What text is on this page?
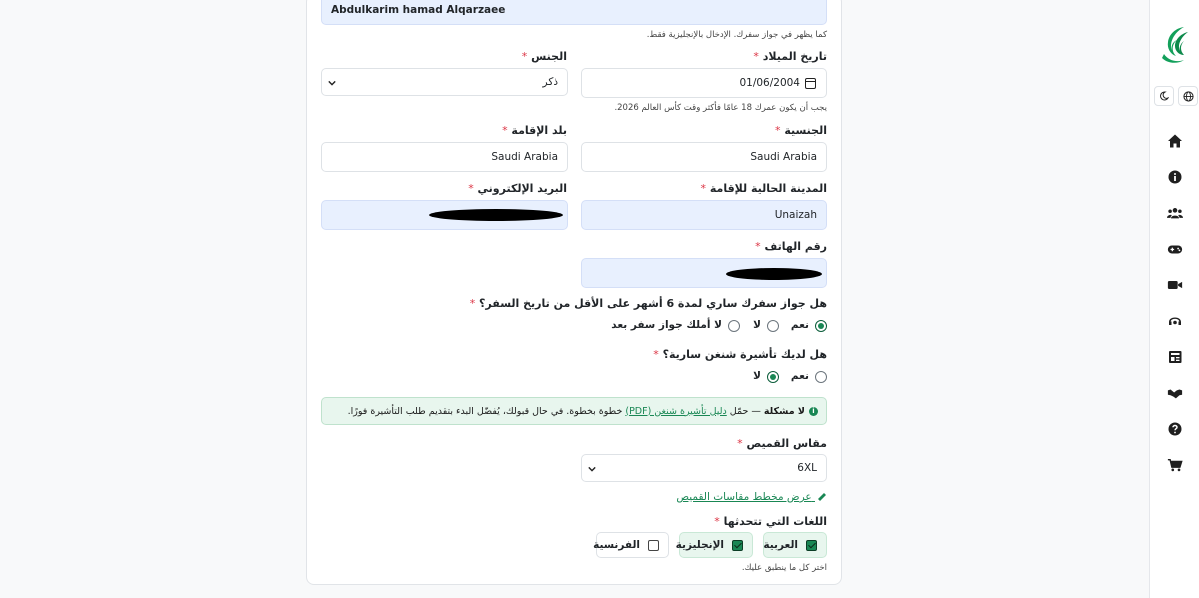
Abdulkarim hamad Alqarzaee
كما يظهر في جواز سفرك. الإدخال بالإنجليزية فقط.
تاريخ الميلاد *
01/06/2004
يجب أن يكون عمرك 18 عامًا فأكثر وقت كأس العالم 2026.
الجنس *
ذكر
الجنسية *
Saudi Arabia
بلد الإقامة *
Saudi Arabia
المدينة الحالية للإقامة *
Unaizah
البريد الإلكتروني *
رقم الهاتف *
هل جواز سفرك ساري لمدة 6 أشهر على الأقل من تاريخ السفر؟ *
نعم
لا
لا أملك جواز سفر بعد
هل لديك تأشيرة شنغن سارية؟ *
نعم
لا
i
لا مشكلة

— حمّل
دليل تأشيرة شنغن (PDF)
خطوة بخطوة. في حال قبولك، يُفضّل البدء بتقديم طلب التأشيرة فورًا.
مقاس القميص *
6XL
عرض مخطط مقاسات القميص
اللغات التي تتحدثها *
العربية
الإنجليزية
الفرنسية
اختر كل ما ينطبق عليك.
